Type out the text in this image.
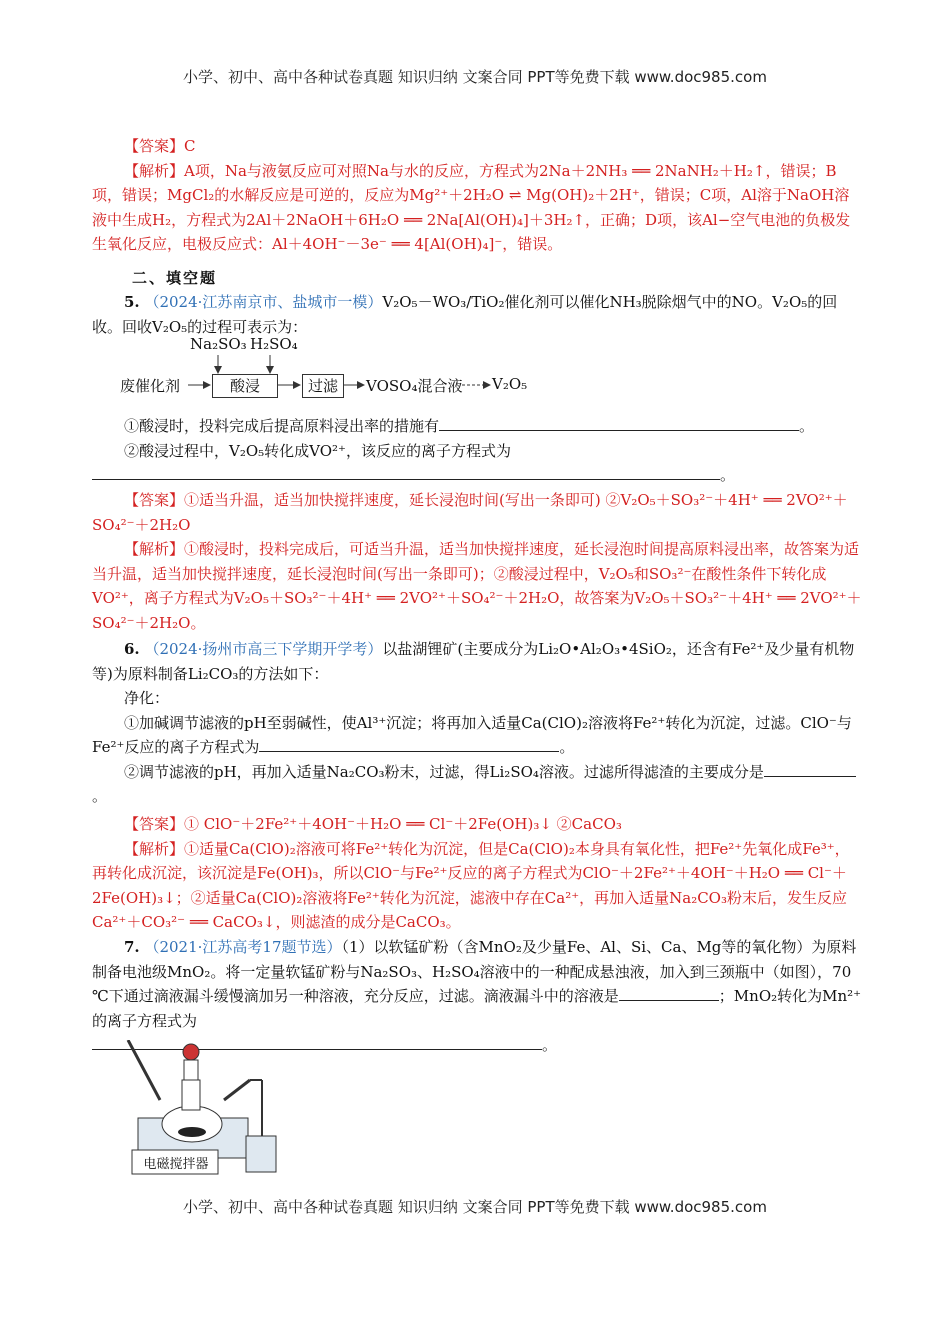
小学、初中、高中各种试卷真题 知识归纳 文案合同 PPT等免费下载 www.doc985.com

【答案】C

【解析】A项，Na与液氨反应可对照Na与水的反应，方程式为2Na＋2NH₃ ══ 2NaNH₂＋H₂↑，错误；B项，错误；MgCl₂的水解反应是可逆的，反应为Mg²⁺＋2H₂O ⇌ Mg(OH)₂＋2H⁺，错误；C项，Al溶于NaOH溶液中生成H₂，方程式为2Al＋2NaOH＋6H₂O ══ 2Na[Al(OH)₄]＋3H₂↑，正确；D项，该Al−空气电池的负极发生氧化反应，电极反应式：Al＋4OH⁻－3e⁻ ══ 4[Al(OH)₄]⁻，错误。

二、填空题

5. （2024·江苏南京市、盐城市一模）V₂O₅－WO₃/TiO₂催化剂可以催化NH₃脱除烟气中的NO。V₂O₅的回收。回收V₂O₅的过程可表示为：

Na₂SO₃ H₂SO₄
废催化剂	酸浸	过滤	VOSO₄混合液 V₂O₅

①酸浸时，投料完成后提高原料浸出率的措施有	。

②酸浸过程中，V₂O₅转化成VO²⁺，该反应的离子方程式为

。

【答案】①适当升温，适当加快搅拌速度，延长浸泡时间(写出一条即可) ②V₂O₅＋SO₃²⁻＋4H⁺ ══ 2VO²⁺＋SO₄²⁻＋2H₂O

【解析】①酸浸时，投料完成后，可适当升温，适当加快搅拌速度，延长浸泡时间提高原料浸出率，故答案为适当升温，适当加快搅拌速度，延长浸泡时间(写出一条即可)；②酸浸过程中，V₂O₅和SO₃²⁻在酸性条件下转化成VO²⁺，离子方程式为V₂O₅＋SO₃²⁻＋4H⁺ ══ 2VO²⁺＋SO₄²⁻＋2H₂O，故答案为V₂O₅＋SO₃²⁻＋4H⁺ ══ 2VO²⁺＋SO₄²⁻＋2H₂O。

6. （2024·扬州市高三下学期开学考）以盐湖锂矿(主要成分为Li₂O•Al₂O₃•4SiO₂，还含有Fe²⁺及少量有机物等)为原料制备Li₂CO₃的方法如下：

净化：

①加碱调节滤液的pH至弱碱性，使Al³⁺沉淀；将再加入适量Ca(ClO)₂溶液将Fe²⁺转化为沉淀，过滤。ClO⁻与Fe²⁺反应的离子方程式为	。

②调节滤液的pH，再加入适量Na₂CO₃粉末，过滤，得Li₂SO₄溶液。过滤所得滤渣的主要成分是。

【答案】① ClO⁻＋2Fe²⁺＋4OH⁻＋H₂O ══ Cl⁻＋2Fe(OH)₃↓ ②CaCO₃

【解析】①适量Ca(ClO)₂溶液可将Fe²⁺转化为沉淀，但是Ca(ClO)₂本身具有氧化性，把Fe²⁺先氧化成Fe³⁺，再转化成沉淀，该沉淀是Fe(OH)₃，所以ClO⁻与Fe²⁺反应的离子方程式为ClO⁻＋2Fe²⁺＋4OH⁻＋H₂O ══ Cl⁻＋2Fe(OH)₃↓；②适量Ca(ClO)₂溶液将Fe²⁺转化为沉淀，滤液中存在Ca²⁺，再加入适量Na₂CO₃粉末后，发生反应Ca²⁺＋CO₃²⁻ ══ CaCO₃↓，则滤渣的成分是CaCO₃。

7. （2021·江苏高考17题节选）（1）以软锰矿粉（含MnO₂及少量Fe、Al、Si、Ca、Mg等的氧化物）为原料制备电池级MnO₂。将一定量软锰矿粉与Na₂SO₃、H₂SO₄溶液中的一种配成悬浊液，加入到三颈瓶中（如图），70 ℃下通过滴液漏斗缓慢滴加另一种溶液，充分反应，过滤。滴液漏斗中的溶液是	；MnO₂转化为Mn²⁺的离子方程式为

。

电磁搅拌器
小学、初中、高中各种试卷真题 知识归纳 文案合同 PPT等免费下载 www.doc985.com
